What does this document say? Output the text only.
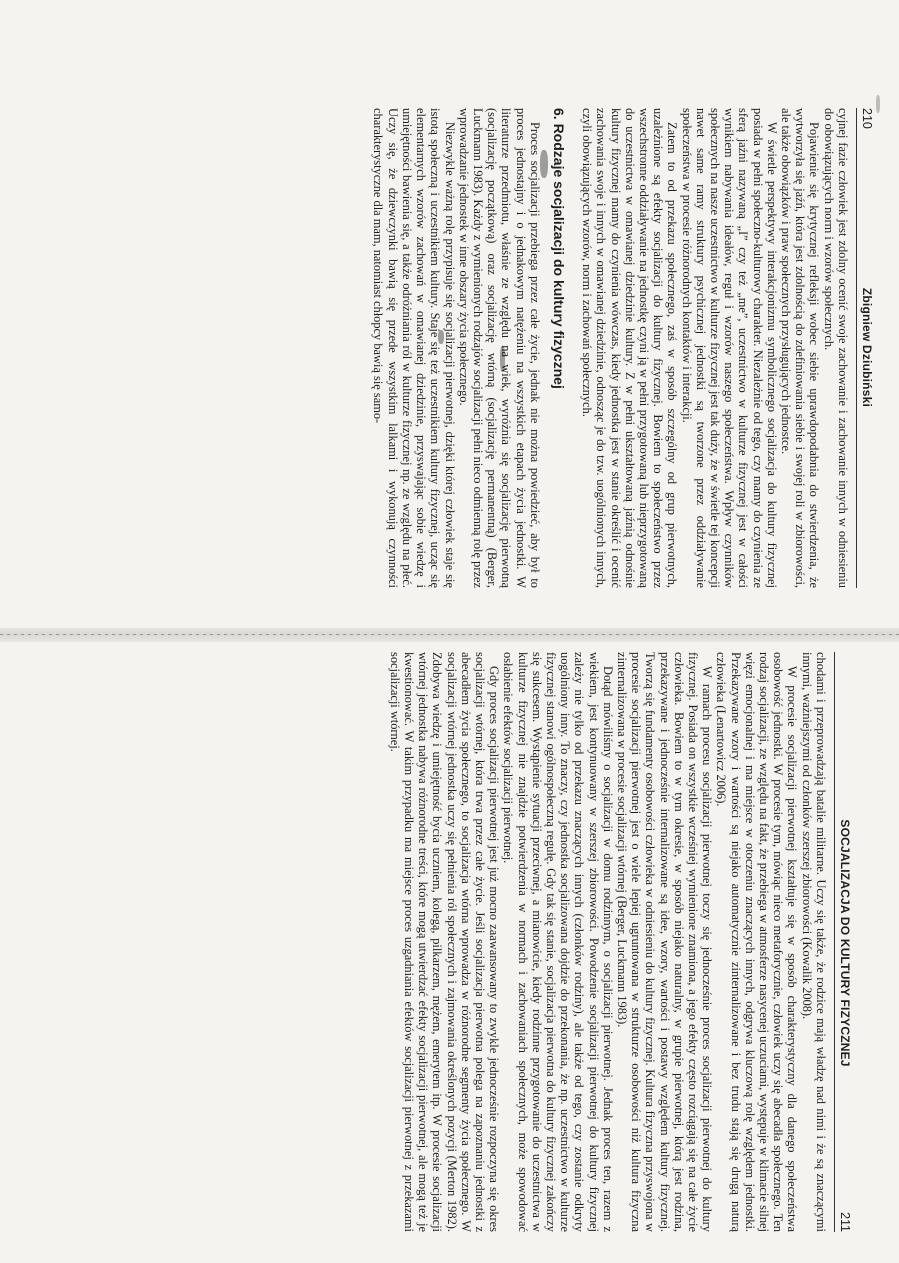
210
Zbigniew Dziubiński

cyjnej fazie człowiek jest zdolny ocenić swoje zachowanie i zachowanie innych w odniesieniu do obowiązujących norm i wzorów społecznych.

Pojawienie się krytycznej refleksji wobec siebie uprawdopodabnia do stwierdzenia, że wytworzyła się jaźń, która jest zdolnością do zdefiniowania siebie i swojej roli w zbiorowości, ale także obowiązków i praw społecznych przysługujących jednostce.

W świetle perspektywy interakcjonizmu symbolicznego socjalizacja do kultury fizycznej posiada w pełni społeczno-kulturowy charakter. Niezależnie od tego, czy mamy do czynienia ze sferą jaźni nazywaną „I” czy też „me”, uczestnictwo w kulturze fizycznej jest w całości wynikiem nabywania ideałów, reguł i wzorów naszego społeczeństwa. Wpływ czynników społecznych na nasze uczestnictwo w kulturze fizycznej jest tak duży, że w świetle tej koncepcji nawet same ramy struktury psychicznej jednostki są tworzone przez oddziaływanie społeczeństwa w procesie różnorodnych kontaktów i interakcji.

Zatem to od przekazu społecznego, zaś w sposób szczególny od grup pierwotnych, uzależnione są efekty socjalizacji do kultury fizycznej. Bowiem to społeczeństwo przez wszechstronne oddziaływanie na jednostkę czyni ją w pełni przygotowaną lub nieprzygotowaną do uczestnictwa w omawianej dziedzinie kultury. Z w pełni ukształtowaną jaźnią odnośnie kultury fizycznej mamy do czynienia wówczas, kiedy jednostka jest w stanie określić i ocenić zachowania swoje i innych w omawianej dziedzinie, odnosząc je do tzw. uogólnionych innych, czyli obowiązujących wzorów, norm i zachowań społecznych.

6. Rodzaje socjalizacji do kultury fizycznej

Proces socjalizacji przebiega przez całe życie, jednak nie można powiedzieć, aby był to proces jednostajny i o jednakowym natężeniu na wszystkich etapach życia jednostki. W literaturze przedmiotu, właśnie ze względu na wiek, wyróżnia się socjalizację pierwotną (socjalizację początkową) oraz socjalizację wtórną (socjalizację permanentną) (Berger, Luckmann 1983). Każdy z wymienionych rodzajów socjalizacji pełni nieco odmienną rolę przez wprowadzanie jednostek w inne obszary życia społecznego.

Niezwykle ważną rolę przypisuje się socjalizacji pierwotnej, dzięki której człowiek staje się istotą społeczną i uczestnikiem kultury. Staje się też uczestnikiem kultury fizycznej, ucząc się elementarnych wzorów zachowań w omawianej dziedzinie, przyswajając sobie wiedzę i umiejętności bawienia się, a także odróżniania ról w kulturze fizycznej np. ze względu na płeć. Uczy się, że dziewczynki bawią się przede wszystkim lalkami i wykonują czynności charakterystyczne dla mam, natomiast chłopcy bawią się samo-

SOCJALIZACJA DO KULTURY FIZYCZNEJ
211

chodami i przeprowadzają batalie militarne. Uczy się także, że rodzice mają władzę nad nimi i że są znaczącymi innymi, ważniejszymi od członków szerszej zbiorowości (Kowalik 2008).

W procesie socjalizacji pierwotnej kształtuje się w sposób charakterystyczny dla danego społeczeństwa osobowość jednostki. W procesie tym, mówiąc nieco metaforycznie, człowiek uczy się abecadła społecznego. Ten rodzaj socjalizacji, ze względu na fakt, że przebiega w atmosferze nasycenej uczuciami, występuje w klimacie silnej więzi emocjonalnej i ma miejsce w otoczeniu znaczących innych, odgrywa kluczową rolę względem jednostki. Przekazywane wzory i wartości są niejako automatycznie zinternalizowane i bez trudu stają się drugą naturą człowieka (Lenartowicz 2006).

W ramach procesu socjalizacji pierwotnej toczy się jednocześnie proces socjalizacji pierwotnej do kultury fizycznej. Posiada on wszystkie wcześniej wymienione znamiona, a jego efekty często rozciągają się na całe życie człowieka. Bowiem to w tym okresie, w sposób niejako naturalny, w grupie pierwotnej, którą jest rodzina, przekazywane i jednocześnie internalizowane są idee, wzory, wartości i postawy względem kultury fizycznej. Tworzą się fundamenty osobowości człowieka w odniesieniu do kultury fizycznej. Kultura fizyczna przyswojona w procesie socjalizacji pierwotnej jest o wiele lepiej ugruntowana w strukturze osobowości niż kultura fizyczna zinternalizowana w procesie socjalizacji wtórnej (Berger, Luckmann 1983).

Dotąd mówiliśmy o socjalizacji w domu rodzinnym, o socjalizacji pierwotnej. Jednak proces ten, razem z wiekiem, jest kontynuowany w szerszej zbiorowości. Powodzenie socjalizacji pierwotnej do kultury fizycznej zależy nie tylko od przekazu znaczących innych (członków rodziny), ale także od tego, czy zostanie odkryty uogólniony inny. To znaczy, czy jednostka socjalizowana dojdzie do przekonania, że np. uczestnictwo w kulturze fizycznej stanowi ogólnospołeczną regułę. Gdy tak się stanie, socjalizacja pierwotna do kultury fizycznej zakończy się sukcesem. Wystąpienie sytuacji przeciwnej, a mianowicie, kiedy rodzinne przygotowanie do uczestnictwa w kulturze fizycznej nie znajdzie potwierdzenia w normach i zachowaniach społecznych, może spowodować osłabienie efektów socjalizacji pierwotnej.

Gdy proces socjalizacji pierwotnej jest już mocno zaawansowany to zwykle jednocześnie rozpoczyna się okres socjalizacji wtórnej, która trwa przez całe życie. Jeśli socjalizacja pierwotna polega na zapoznaniu jednostki z abecadłem życia społecznego, to socjalizacja wtórna wprowadza w różnorodne segmenty życia społecznego. W socjalizacji wtórnej jednostka uczy się pełnienia ról społecznych i zajmowania określonych pozycji (Merton 1982). Zdobywa wiedzę i umiejętność bycia uczniem, kolegą, pilkarzem, mężem, emerytem itp. W procesie socjalizacji wtórnej jednostka nabywa różnorodne treści, które mogą utwierdzać efekty socjalizacji pierwotnej, ale mogą też je kwestionować. W takim przypadku ma miejsce proces uzgadniania efektów socjalizacji pierwotnej z przekazami socjalizacji wtórnej.
